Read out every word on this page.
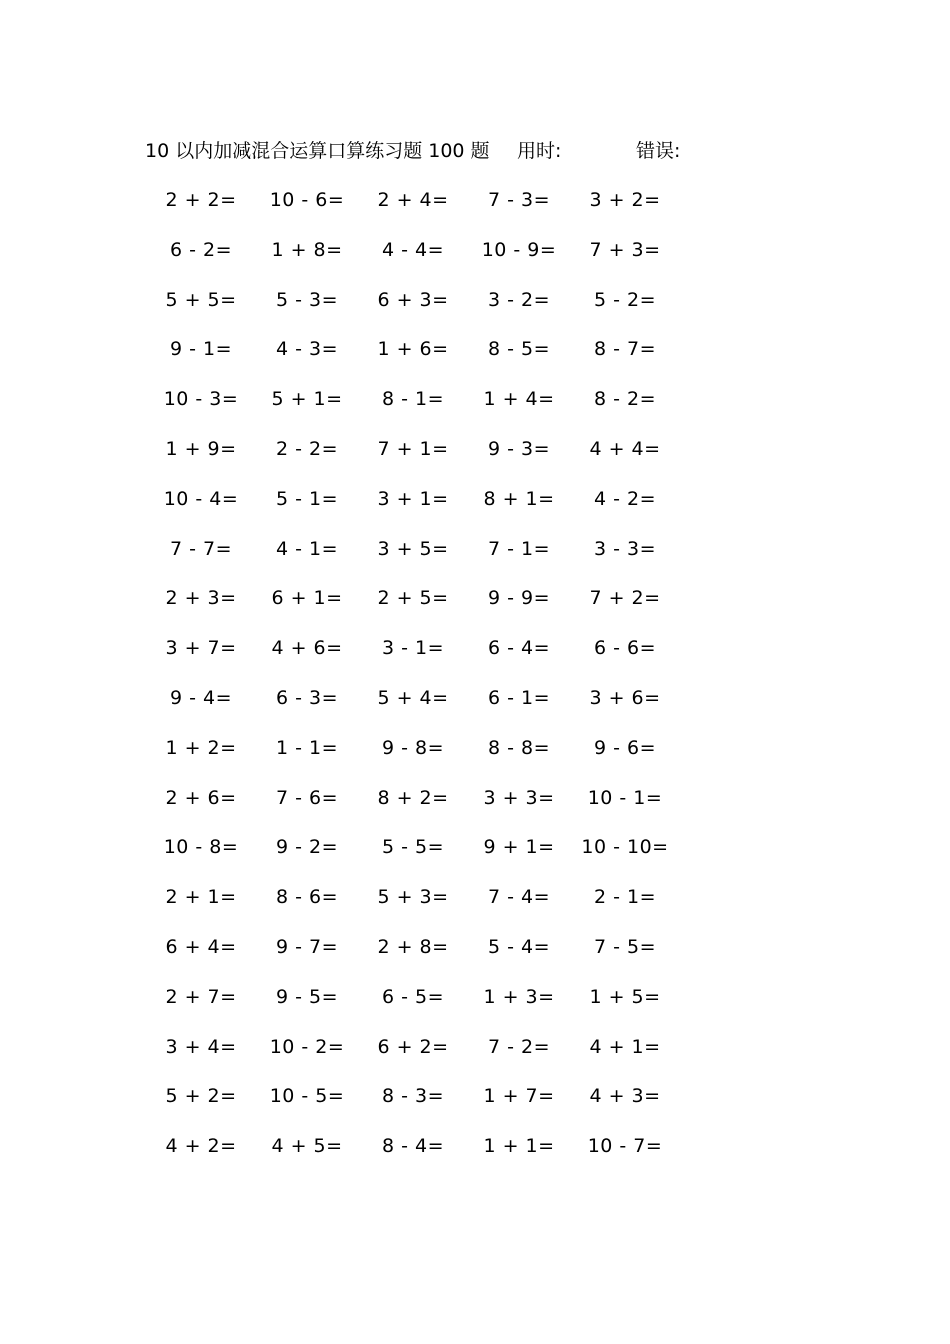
10 以内加减混合运算口算练习题 100 题 用时:	错误:
2 + 2=	10 - 6=	2 + 4=	7 - 3=	3 + 2=
6 - 2=	1 + 8=	4 - 4=	10 - 9=	7 + 3=
5 + 5=	5 - 3=	6 + 3=	3 - 2=	5 - 2=
9 - 1=	4 - 3=	1 + 6=	8 - 5=	8 - 7=
10 - 3=	5 + 1=	8 - 1=	1 + 4=	8 - 2=
1 + 9=	2 - 2=	7 + 1=	9 - 3=	4 + 4=
10 - 4=	5 - 1=	3 + 1=	8 + 1=	4 - 2=
7 - 7=	4 - 1=	3 + 5=	7 - 1=	3 - 3=
2 + 3=	6 + 1=	2 + 5=	9 - 9=	7 + 2=
3 + 7=	4 + 6=	3 - 1=	6 - 4=	6 - 6=
9 - 4=	6 - 3=	5 + 4=	6 - 1=	3 + 6=
1 + 2=	1 - 1=	9 - 8=	8 - 8=	9 - 6=
2 + 6=	7 - 6=	8 + 2=	3 + 3=	10 - 1=
10 - 8=	9 - 2=	5 - 5=	9 + 1=	10 - 10=
2 + 1=	8 - 6=	5 + 3=	7 - 4=	2 - 1=
6 + 4=	9 - 7=	2 + 8=	5 - 4=	7 - 5=
2 + 7=	9 - 5=	6 - 5=	1 + 3=	1 + 5=
3 + 4=	10 - 2=	6 + 2=	7 - 2=	4 + 1=
5 + 2=	10 - 5=	8 - 3=	1 + 7=	4 + 3=
4 + 2=	4 + 5=	8 - 4=	1 + 1=	10 - 7=
